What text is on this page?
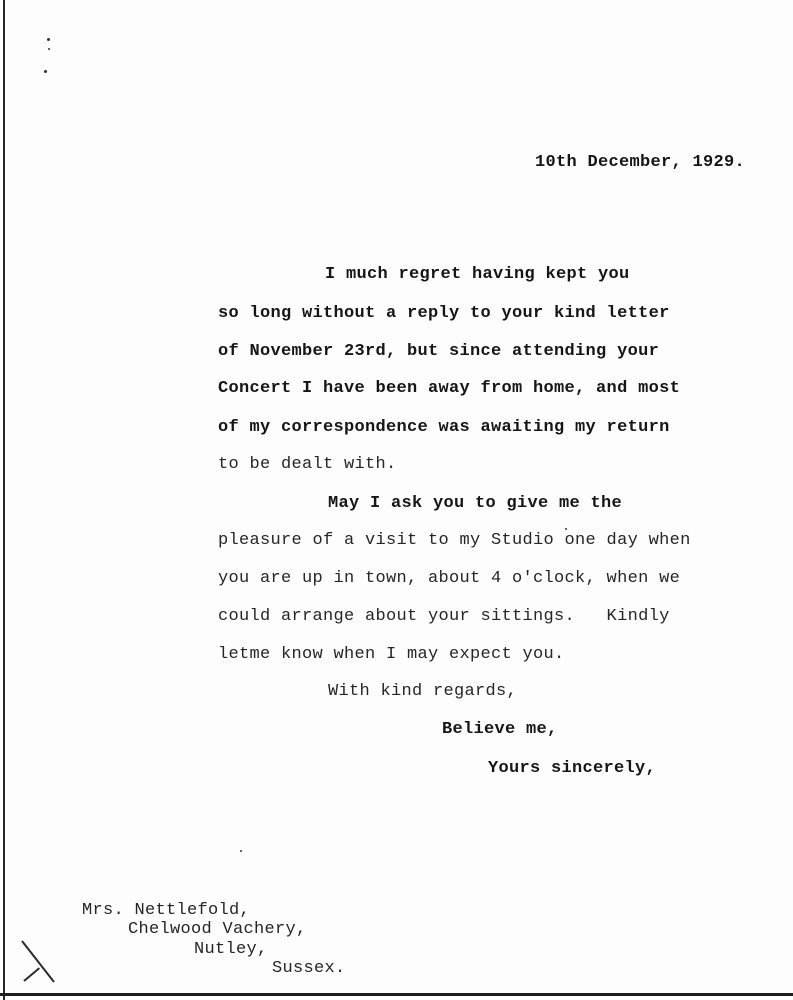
10th December, 1929.
I much regret having kept you
so long without a reply to your kind letter
of November 23rd, but since attending your
Concert I have been away from home, and most
of my correspondence was awaiting my return
to be dealt with.
May I ask you to give me the
pleasure of a visit to my Studio one day when
you are up in town, about 4 o'clock, when we
could arrange about your sittings.   Kindly
letme know when I may expect you.
With kind regards,
Believe me,
Yours sincerely,
Mrs. Nettlefold,
Chelwood Vachery,
Nutley,
Sussex.
